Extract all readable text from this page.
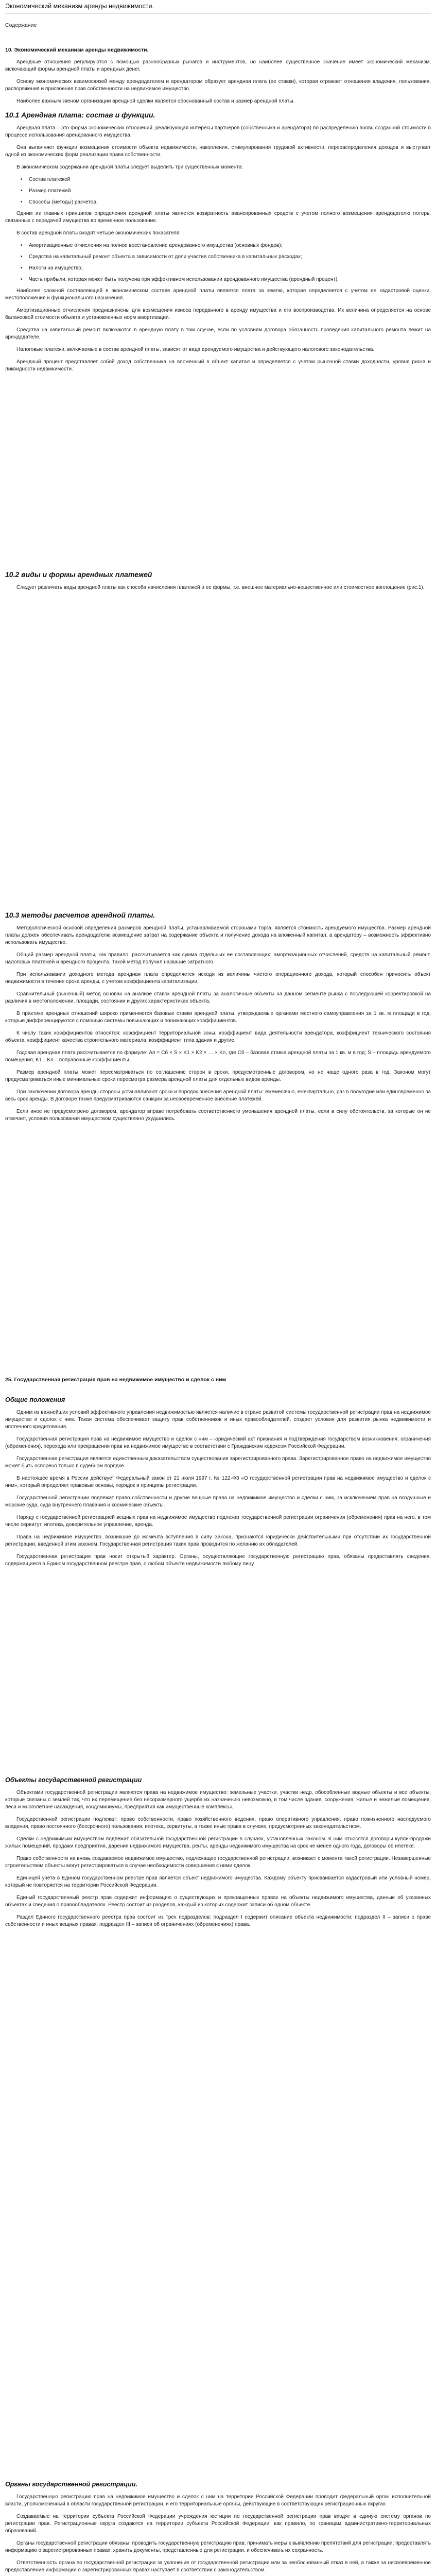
Экономический механизм аренды недвижимости.
Содержание
10. Экономический механизм аренды недвижимости.
Арендные отношения регулируются с помощью разнообразных рычагов и инструментов, но наиболее существенное значение имеет экономический механизм, включающий формы арендной платы и арендных денег.
Основу экономических взаимосвязей между арендодателем и арендатором образует арендная плата (ее ставки), которая отражает отношения владения, пользования, распоряжения и присвоения прав собственности на недвижимое имущество.
Наиболее важным звеном организации арендной сделки является обоснованный состав и размер арендной платы.
10.1 Арендная плата: состав и функции.
Арендная плата – это форма экономических отношений, реализующая интересы партнеров (собственника и арендатора) по распределению вновь созданной стоимости в процессе использования арендованного имущества.
Она выполняет функции возмещения стоимости объекта недвижимости, накопления, стимулирования трудовой активности, перераспределения доходов и выступает одной из экономических форм реализации права собственности.
В экономическом содержании арендной платы следует выделить три существенных момента:
• Состав платежей
• Размер платежей
• Способы (методы) расчетов.
Одним из главных принципов определения арендной платы является возвратность авансированных средств с учетом полного возмещения арендодателю потерь, связанных с передачей имущества во временное пользование.
В состав арендной платы входят четыре экономических показателя:
• Амортизационные отчисления на полное восстановление арендованного имущества (основных фондов);
• Средства на капитальный ремонт объекта в зависимости от доли участия собственника в капитальных расходах;
• Налоги на имущество;
• Часть прибыли, которая может быть получена при эффективном использовании арендованного имущества (арендный процент).
Наиболее сложной составляющей в экономическом составе арендной платы является плата за землю, которая определяется с учетом ее кадастровой оценки, местоположения и функционального назначения.
Амортизационные отчисления предназначены для возмещения износа переданного в аренду имущества и его воспроизводства. Их величина определяется на основе балансовой стоимости объекта и установленных норм амортизации.
Средства на капитальный ремонт включаются в арендную плату в том случае, если по условиям договора обязанность проведения капитального ремонта лежит на арендодателе.
Налоговые платежи, включаемые в состав арендной платы, зависят от вида арендуемого имущества и действующего налогового законодательства.
Арендный процент представляет собой доход собственника на вложенный в объект капитал и определяется с учетом рыночной ставки доходности, уровня риска и ликвидности недвижимости.
10.2 виды и формы арендных платежей
Следует различать виды арендной платы как способа начисления платежей и ее формы, т.е. внешнее материально-вещественное или стоимостное воплощение (рис.1).
10.3 методы расчетов арендной платы.
Методологической основой определения размеров арендной платы, устанавливаемой сторонами торга, является стоимость арендуемого имущества. Размер арендной платы должен обеспечивать арендодателю возмещение затрат на содержание объекта и получение дохода на вложенный капитал, а арендатору – возможность эффективно использовать имущество.
Общий размер арендной платы, как правило, рассчитывается как сумма отдельных ее составляющих: амортизационных отчислений, средств на капитальный ремонт, налоговых платежей и арендного процента. Такой метод получил название затратного.
При использовании доходного метода арендная плата определяется исходя из величины чистого операционного дохода, который способен приносить объект недвижимости в течение срока аренды, с учетом коэффициента капитализации.
Сравнительный (рыночный) метод основан на анализе ставок арендной платы за аналогичные объекты на данном сегменте рынка с последующей корректировкой на различия в местоположении, площади, состоянии и других характеристиках объекта.
В практике арендных отношений широко применяются базовые ставки арендной платы, утверждаемые органами местного самоуправления за 1 кв. м площади в год, которые дифференцируются с помощью системы повышающих и понижающих коэффициентов.
К числу таких коэффициентов относятся: коэффициент территориальной зоны, коэффициент вида деятельности арендатора, коэффициент технического состояния объекта, коэффициент качества строительного материала, коэффициент типа здания и другие.
Годовая арендная плата рассчитывается по формуле: Ап = Сб × S × K1 × K2 × … × Kn, где Сб – базовая ставка арендной платы за 1 кв. м в год; S – площадь арендуемого помещения; K1…Kn – поправочные коэффициенты.
Размер арендной платы может пересматриваться по соглашению сторон в сроки, предусмотренные договором, но не чаще одного раза в год. Законом могут предусматриваться иные минимальные сроки пересмотра размера арендной платы для отдельных видов аренды.
При заключении договора аренды стороны устанавливают сроки и порядок внесения арендной платы: ежемесячно, ежеквартально, раз в полугодие или единовременно за весь срок аренды. В договоре также предусматриваются санкции за несвоевременное внесение платежей.
Если иное не предусмотрено договором, арендатор вправе потребовать соответственного уменьшения арендной платы, если в силу обстоятельств, за которые он не отвечает, условия пользования имуществом существенно ухудшились.
25. Государственная регистрация прав на недвижимое имущество и сделок с ним
Общие положения
Одним из важнейших условий эффективного управления недвижимостью является наличие в стране развитой системы государственной регистрации прав на недвижимое имущество и сделок с ним. Такая система обеспечивает защиту прав собственников и иных правообладателей, создает условия для развития рынка недвижимости и ипотечного кредитования.
Государственная регистрация прав на недвижимое имущество и сделок с ним – юридический акт признания и подтверждения государством возникновения, ограничения (обременения), перехода или прекращения прав на недвижимое имущество в соответствии с Гражданским кодексом Российской Федерации.
Государственная регистрация является единственным доказательством существования зарегистрированного права. Зарегистрированное право на недвижимое имущество может быть оспорено только в судебном порядке.
В настоящее время в России действует Федеральный закон от 21 июля 1997 г. № 122-ФЗ «О государственной регистрации прав на недвижимое имущество и сделок с ним», который определяет правовые основы, порядок и принципы регистрации.
Государственной регистрации подлежат право собственности и другие вещные права на недвижимое имущество и сделки с ним, за исключением прав на воздушные и морские суда, суда внутреннего плавания и космические объекты.
Наряду с государственной регистрацией вещных прав на недвижимое имущество подлежат государственной регистрации ограничения (обременения) прав на него, в том числе сервитут, ипотека, доверительное управление, аренда.
Права на недвижимое имущество, возникшие до момента вступления в силу Закона, признаются юридически действительными при отсутствии их государственной регистрации, введенной этим законом. Государственная регистрация таких прав проводится по желанию их обладателей.
Государственная регистрация прав носит открытый характер. Органы, осуществляющие государственную регистрацию прав, обязаны предоставлять сведения, содержащиеся в Едином государственном реестре прав, о любом объекте недвижимости любому лицу.
Объекты государственной регистрации
Объектами государственной регистрации являются права на недвижимое имущество: земельные участки, участки недр, обособленные водные объекты и все объекты, которые связаны с землей так, что их перемещение без несоразмерного ущерба их назначению невозможно, в том числе здания, сооружения, жилые и нежилые помещения, леса и многолетние насаждения, кондоминиумы, предприятия как имущественные комплексы.
Государственной регистрации подлежат: право собственности, право хозяйственного ведения, право оперативного управления, право пожизненного наследуемого владения, право постоянного (бессрочного) пользования, ипотека, сервитуты, а также иные права в случаях, предусмотренных законодательством.
Сделки с недвижимым имуществом подлежат обязательной государственной регистрации в случаях, установленных законом. К ним относятся договоры купли-продажи жилых помещений, продажи предприятия, дарения недвижимого имущества, ренты, аренды недвижимого имущества на срок не менее одного года, договоры об ипотеке.
Право собственности на вновь создаваемое недвижимое имущество, подлежащее государственной регистрации, возникает с момента такой регистрации. Незавершенные строительством объекты могут регистрироваться в случае необходимости совершения с ними сделок.
Единицей учета в Едином государственном реестре прав является объект недвижимого имущества. Каждому объекту присваивается кадастровый или условный номер, который не повторяется на территории Российской Федерации.
Единый государственный реестр прав содержит информацию о существующих и прекращенных правах на объекты недвижимого имущества, данные об указанных объектах и сведения о правообладателях. Реестр состоит из разделов, каждый из которых содержит записи об одном объекте.
Раздел Единого государственного реестра прав состоит из трех подразделов: подраздел I содержит описание объекта недвижимости; подраздел II – записи о праве собственности и иных вещных правах; подраздел III – записи об ограничениях (обременениях) права.
Органы государственной регистрации.
Государственную регистрацию прав на недвижимое имущество и сделок с ним на территории Российской Федерации проводит федеральный орган исполнительной власти, уполномоченный в области государственной регистрации, и его территориальные органы, действующие в соответствующих регистрационных округах.
Создаваемые на территории субъекта Российской Федерации учреждения юстиции по государственной регистрации прав входят в единую систему органов по регистрации прав. Регистрационные округа создаются на территории субъекта Российской Федерации, как правило, по границам административно-территориальных образований.
Органы государственной регистрации обязаны: проводить государственную регистрацию прав; принимать меры к выявлению препятствий для регистрации; предоставлять информацию о зарегистрированных правах; хранить документы, представленные для регистрации, и обеспечивать их сохранность.
Ответственность органа по государственной регистрации за уклонение от государственной регистрации или за необоснованный отказ в ней, а также за несвоевременное предоставление информации о зарегистрированных правах наступает в соответствии с законодательством.
